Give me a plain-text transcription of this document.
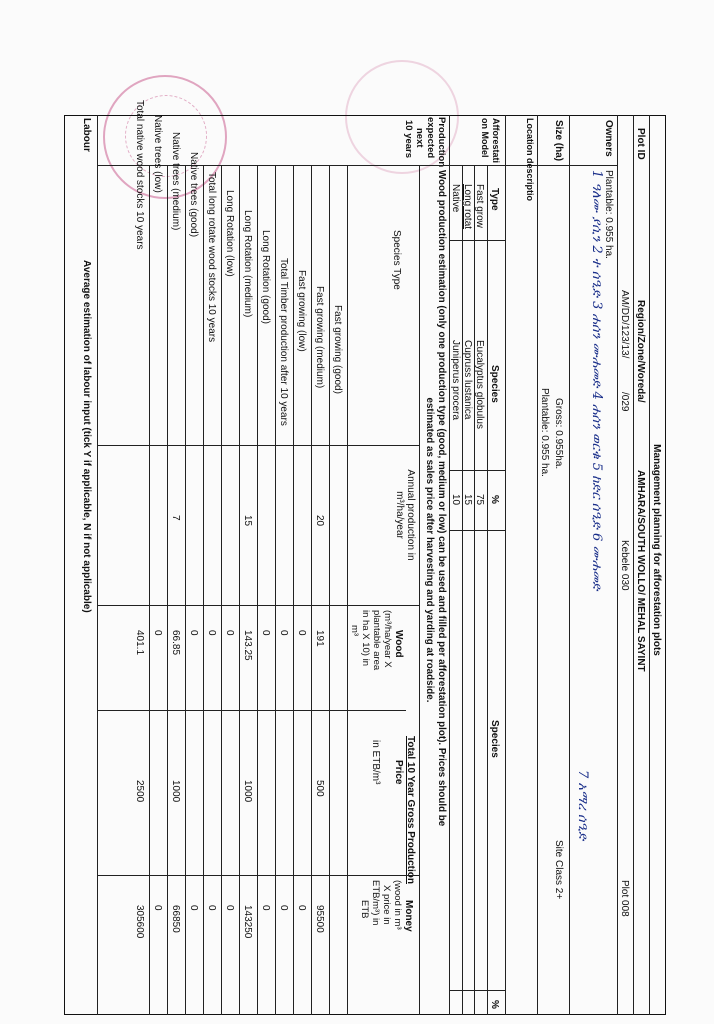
Management planning for afforestation plots
Plot ID
Region/Zone/Woreda/
AMHARA/SOUTH WOLLO/ MEHAL SAYINT
AM/DD/123/13/
/029
Kebele 030
Plot 008
Owners
Plantable: 0.955 ha.
1 ዓለሙ ያሲን 2 ተ ሰዒድ 3 ሐሰን ሙሐመድ 4 ሐሰን ወርቁ 5 ከድር ሰዒድ 6 ሙሐመድ
7 አማረ ሰዒድ
Size (ha)
Gross: 0.955ha.
Site Class 2+
Plantable: 0.955 ha.
Location descriptio
Afforestati
on Model
Type
Species
%
Species
%
Fast grow
Eucalyptus globulus
75
Long rotat
Cupruss lustanica
15
Native
Juniperus procera
10
Production
expected
next
10 years
Wood production estimation (only one production type (good, medium or low) can be used and filled per afforestation plot). Prices should be
estimated as sales price after harvesting and yarding at roadside.
Species Type
Annual production in
m³/ha/year
Total 10 Year Gross Production
Wood
(m³/ha/year X
plantable area
in ha X 10) in
m³
Price
in ETB/m³
Money
(wood in m³
X price in
ETB/m³) in
ETB
Fast growing (good)
Fast growing (medium)
20
191
500
95500
Fast growing (low)
0
0
Total Timber production after 10 years
0
0
Long Rotation (good)
0
0
Long Rotation (medium)
15
143.25
1000
143250
Long Rotation (low)
0
0
Total long rotate wood stocks 10 years
0
0
Native trees (good)
0
0
Native trees (medium)
7
66.85
1000
66850
Native trees (low)
0
0
Total native wood stocks 10 years
401.1
2500
305600
Labour
Average estimation of labour input (tick Y if applicable, N if not applicable)
